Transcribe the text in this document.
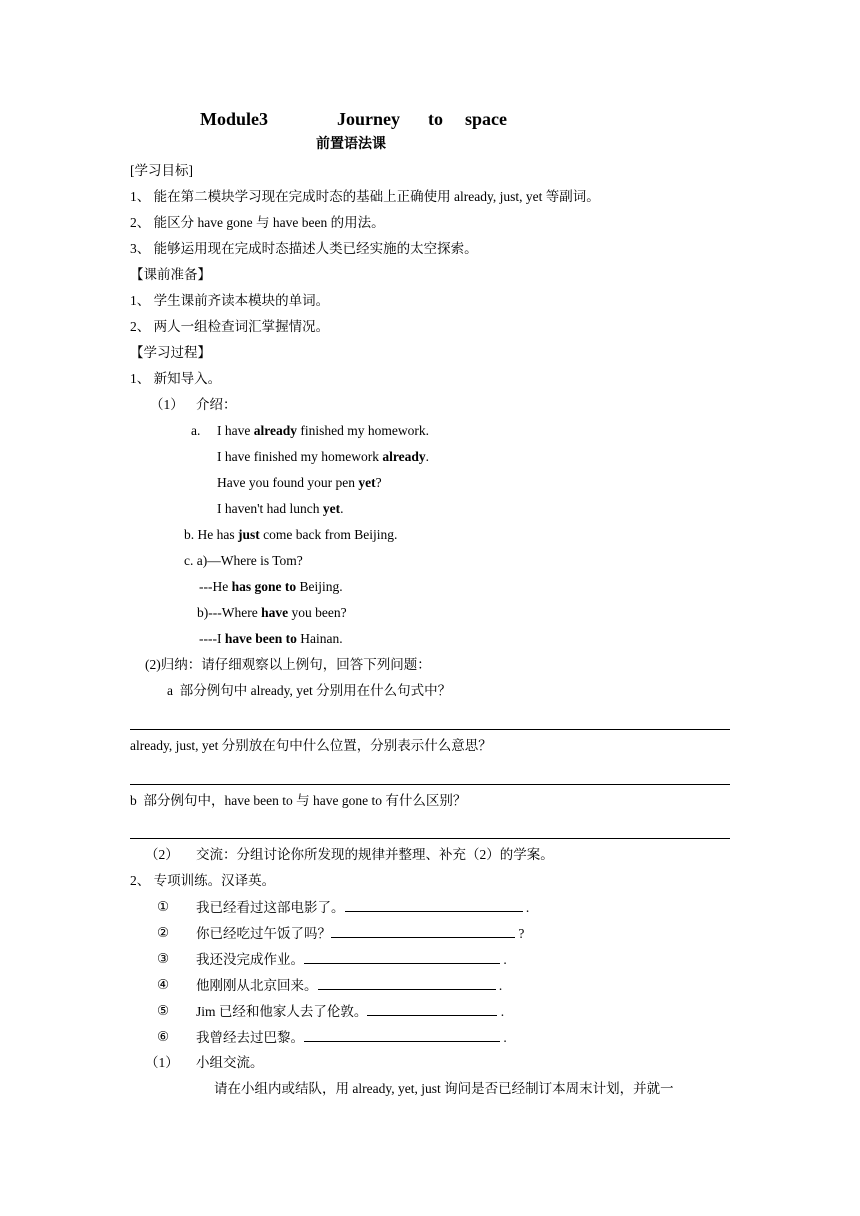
Module3	Journey to space
前置语法课
[学习目标]
1、 能在第二模块学习现在完成时态的基础上正确使用 already, just, yet 等副词。
2、 能区分 have gone 与 have been 的用法。
3、 能够运用现在完成时态描述人类已经实施的太空探索。
【课前准备】
1、 学生课前齐读本模块的单词。
2、 两人一组检查词汇掌握情况。
【学习过程】
1、 新知导入。
（1） 介绍：
a. I have already finished my homework.
I have finished my homework already.
Have you found your pen yet?
I haven't had lunch yet.
b. He has just come back from Beijing.
c. a)—Where is Tom?
---He has gone to Beijing.
b)---Where have you been?
----I have been to Hainan.
(2)归纳：请仔细观察以上例句，回答下列问题：
a  部分例句中 already, yet 分别用在什么句式中？
already, just, yet 分别放在句中什么位置，分别表示什么意思？
b  部分例句中，have been to 与 have gone to 有什么区别？
（2） 交流：分组讨论你所发现的规律并整理、补充（2）的学案。
2、 专项训练。汉译英。
① 我已经看过这部电影了。	.
② 你已经吃过午饭了吗？	?
③ 我还没完成作业。	.
④ 他刚刚从北京回来。	.
⑤ Jim 已经和他家人去了伦敦。	.
⑥ 我曾经去过巴黎。	.
（1） 小组交流。
请在小组内或结队，用 already, yet, just 询问是否已经制订本周末计划，并就一
